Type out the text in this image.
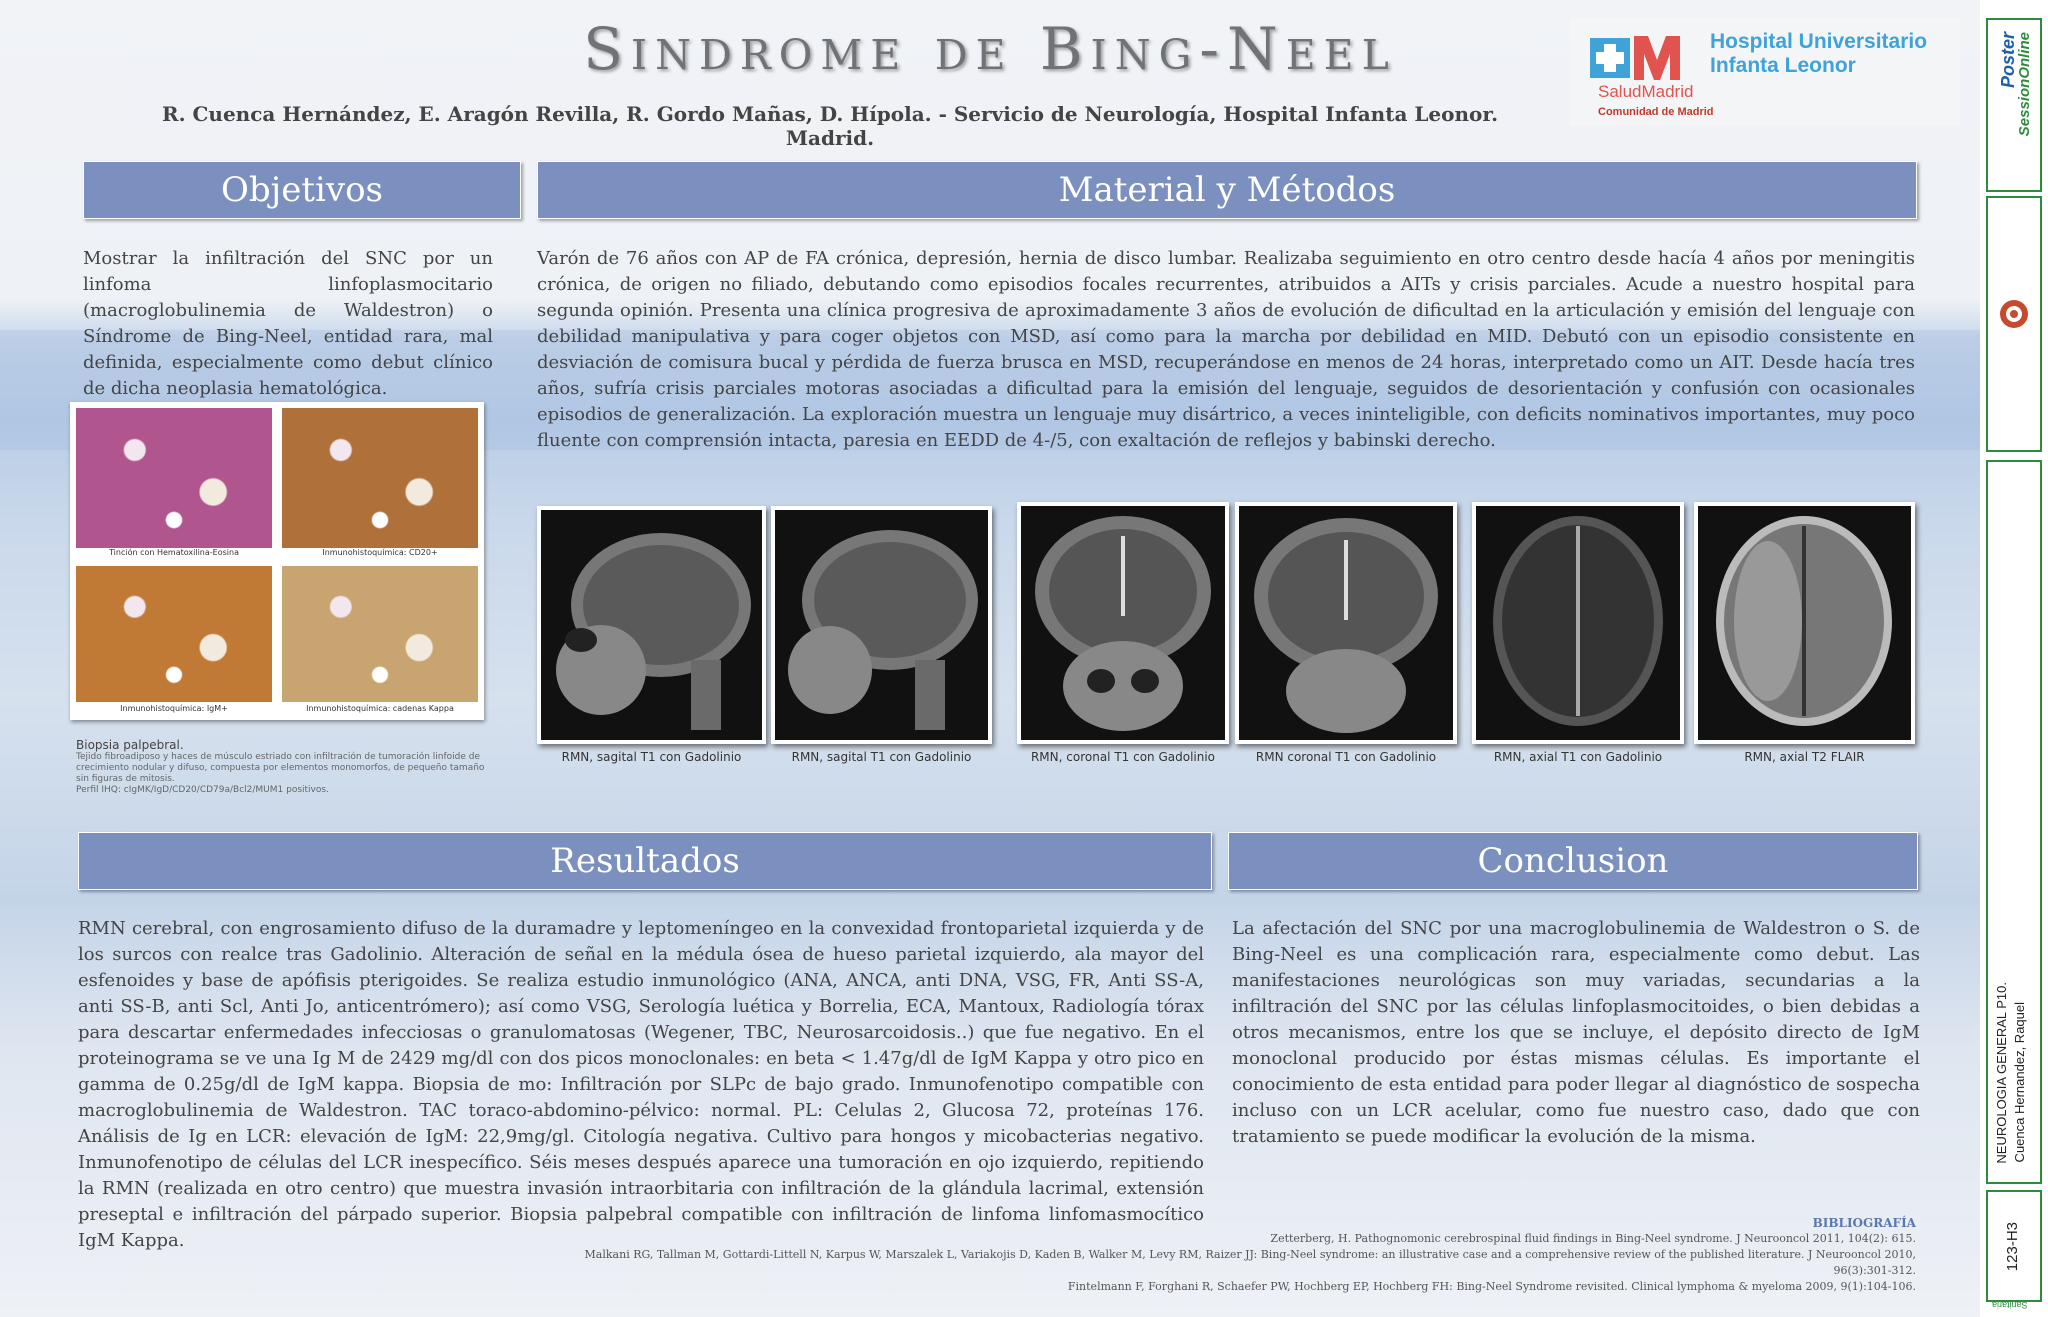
Sindrome de Bing-Neel
R. Cuenca Hernández, E. Aragón Revilla, R. Gordo Mañas, D. Hípola. - Servicio de Neurología, Hospital Infanta Leonor. Madrid.
Hospital Universitario
Infanta Leonor
SaludMadrid
Comunidad de Madrid
Objetivos
Mostrar la infiltración del SNC por un linfoma linfoplasmocitario (macroglobulinemia de Waldestron) o Síndrome de Bing-Neel, entidad rara, mal definida, especialmente como debut clínico de dicha neoplasia hematológica.
Tinción con Hematoxilina-Eosina	Inmunohistoquímica: CD20+
Inmunohistoquímica: IgM+	Inmunohistoquímica: cadenas Kappa
Biopsia palpebral.
Tejido fibroadiposo y haces de músculo estriado con infiltración de tumoración linfoide de crecimiento nodular y difuso, compuesta por elementos monomorfos, de pequeño tamaño sin figuras de mitosis.
Perfil IHQ: cIgMK/IgD/CD20/CD79a/Bcl2/MUM1 positivos.
Material y Métodos
Varón de 76 años con AP de FA crónica, depresión, hernia de disco lumbar. Realizaba seguimiento en otro centro desde hacía 4 años por meningitis crónica, de origen no filiado, debutando como episodios focales recurrentes, atribuidos a AITs y crisis parciales. Acude a nuestro hospital para segunda opinión. Presenta una clínica progresiva de aproximadamente 3 años de evolución de dificultad en la articulación y emisión del lenguaje con debilidad manipulativa y para coger objetos con MSD, así como para la marcha por debilidad en MID. Debutó con un episodio consistente en desviación de comisura bucal y pérdida de fuerza brusca en MSD, recuperándose en menos de 24 horas, interpretado como un AIT. Desde hacía tres años, sufría crisis parciales motoras asociadas a dificultad para la emisión del lenguaje, seguidos de desorientación y confusión con ocasionales episodios de generalización. La exploración muestra un lenguaje muy disártrico, a veces ininteligible, con deficits nominativos importantes, muy poco fluente con comprensión intacta, paresia en EEDD de 4-/5, con exaltación de reflejos y babinski derecho.
RMN, sagital T1 con Gadolinio	RMN, sagital T1 con Gadolinio	RMN, coronal T1 con Gadolinio	RMN coronal T1 con Gadolinio	RMN, axial T1 con Gadolinio	RMN, axial T2 FLAIR
Resultados
RMN cerebral, con engrosamiento difuso de la duramadre y leptomeníngeo en la convexidad frontoparietal izquierda y de los surcos con realce tras Gadolinio. Alteración de señal en la médula ósea de hueso parietal izquierdo, ala mayor del esfenoides y base de apófisis pterigoides. Se realiza estudio inmunológico (ANA, ANCA, anti DNA, VSG, FR, Anti SS-A, anti SS-B, anti Scl, Anti Jo, anticentrómero); así como VSG, Serología luética y Borrelia, ECA, Mantoux, Radiología tórax para descartar enfermedades infecciosas o granulomatosas (Wegener, TBC, Neurosarcoidosis..) que fue negativo. En el proteinograma se ve una Ig M de 2429 mg/dl con dos picos monoclonales: en beta < 1.47g/dl de IgM Kappa y otro pico en gamma de 0.25g/dl de IgM kappa. Biopsia de mo: Infiltración por SLPc de bajo grado. Inmunofenotipo compatible con macroglobulinemia de Waldestron. TAC toraco-abdomino-pélvico: normal. PL: Celulas 2, Glucosa 72, proteínas 176. Análisis de Ig en LCR: elevación de IgM: 22,9mg/gl. Citología negativa. Cultivo para hongos y micobacterias negativo. Inmunofenotipo de células del LCR inespecífico. Séis meses después aparece una tumoración en ojo izquierdo, repitiendo la RMN (realizada en otro centro) que muestra invasión intraorbitaria con infiltración de la glándula lacrimal, extensión preseptal e infiltración del párpado superior. Biopsia palpebral compatible con infiltración de linfoma linfomasmocítico IgM Kappa.
Conclusion
La afectación del SNC por una macroglobulinemia de Waldestron o S. de Bing-Neel es una complicación rara, especialmente como debut. Las manifestaciones neurológicas son muy variadas, secundarias a la infiltración del SNC por las células linfoplasmocitoides, o bien debidas a otros mecanismos, entre los que se incluye, el depósito directo de IgM monoclonal producido por éstas mismas células. Es importante el conocimiento de esta entidad para poder llegar al diagnóstico de sospecha incluso con un LCR acelular, como fue nuestro caso, dado que con tratamiento se puede modificar la evolución de la misma.
BIBLIOGRAFÍA
Zetterberg, H. Pathognomonic cerebrospinal fluid findings in Bing-Neel syndrome. J Neurooncol 2011, 104(2): 615.
Malkani RG, Tallman M, Gottardi-Littell N, Karpus W, Marszalek L, Variakojis D, Kaden B, Walker M, Levy RM, Raizer JJ: Bing-Neel syndrome: an illustrative case and a comprehensive review of the published literature. J Neurooncol 2010, 96(3):301-312.
Fintelmann F, Forghani R, Schaefer PW, Hochberg EP, Hochberg FH: Bing-Neel Syndrome revisited. Clinical lymphoma & myeloma 2009, 9(1):104-106.
Poster
SessionOnline
NEUROLOGIA GENERAL P10. Cuenca Hernandez, Raquel
123-H3
Sanitaria
